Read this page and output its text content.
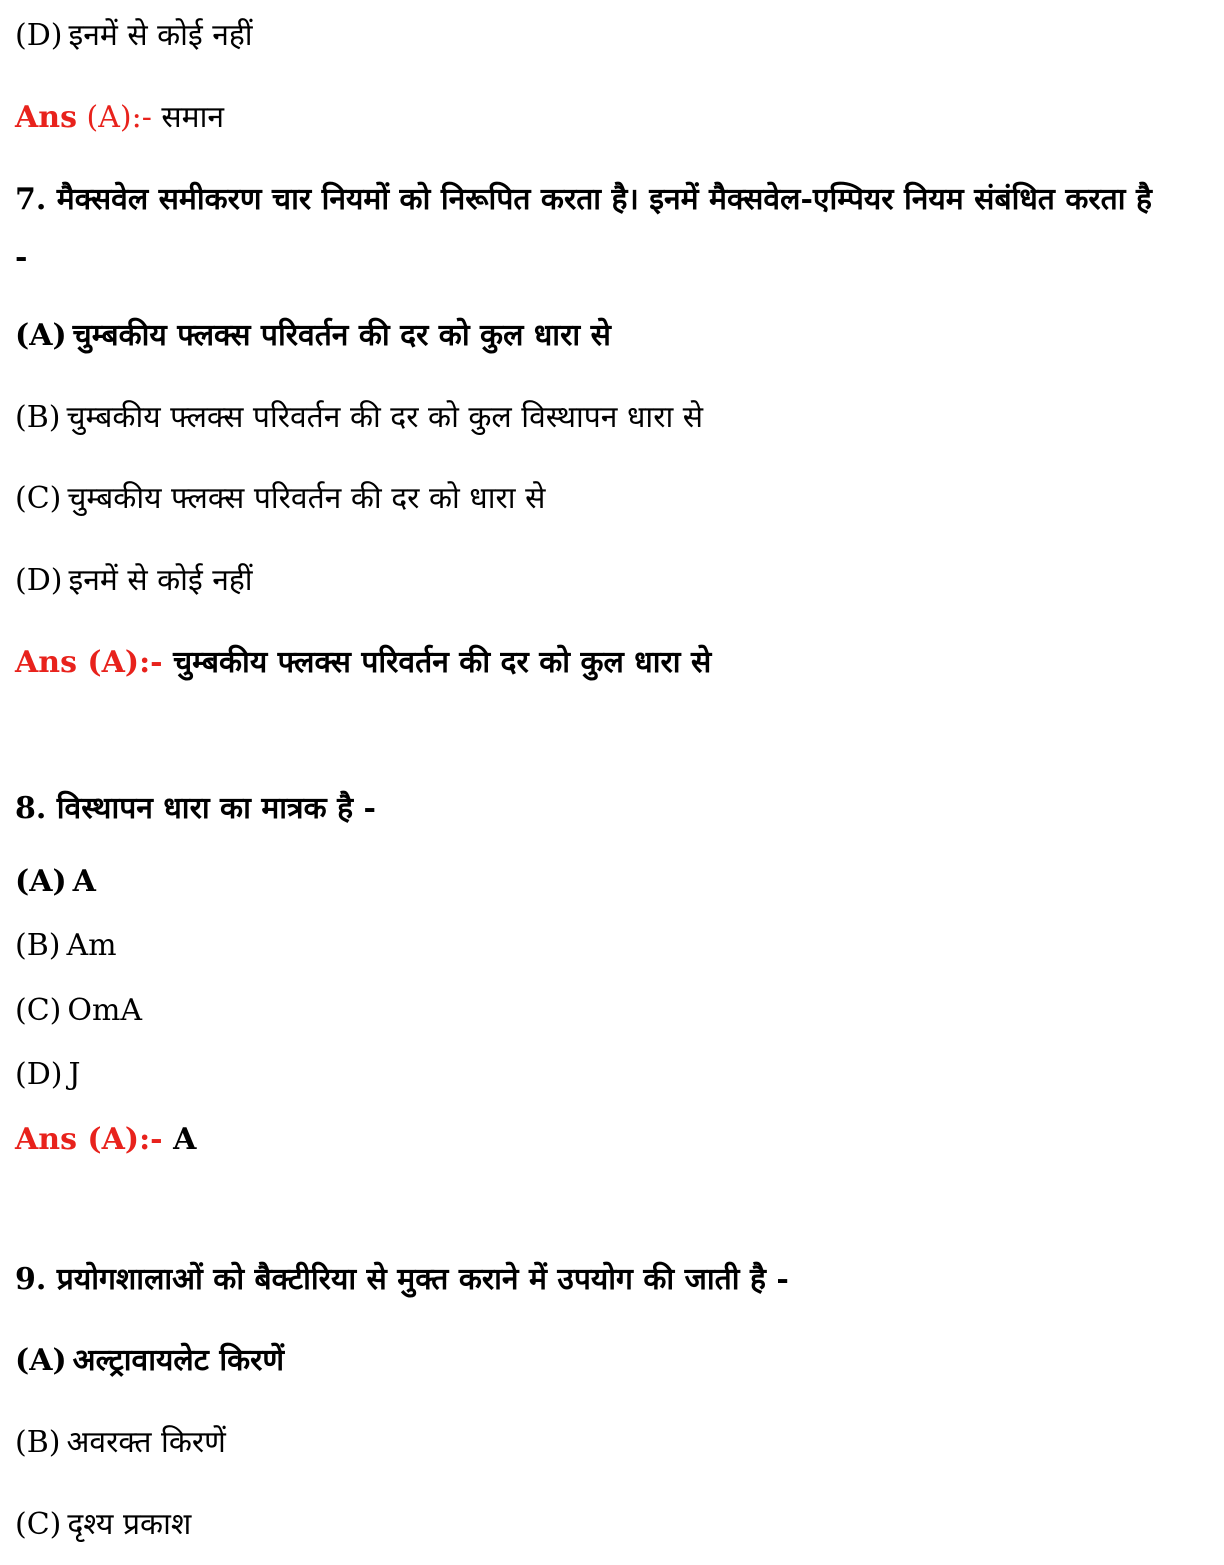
(D) इनमें से कोई नहीं
Ans (A):- समान
7. मैक्सवेल समीकरण चार नियमों को निरूपित करता है। इनमें मैक्सवेल-एम्पियर नियम संबंधित करता है -
(A) चुम्बकीय फ्लक्स परिवर्तन की दर को कुल धारा से
(B) चुम्बकीय फ्लक्स परिवर्तन की दर को कुल विस्थापन धारा से
(C) चुम्बकीय फ्लक्स परिवर्तन की दर को धारा से
(D) इनमें से कोई नहीं
Ans (A):- चुम्बकीय फ्लक्स परिवर्तन की दर को कुल धारा से
8. विस्थापन धारा का मात्रक है -
(A) A
(B) Am
(C) OmA
(D) J
Ans (A):- A
9. प्रयोगशालाओं को बैक्टीरिया से मुक्त कराने में उपयोग की जाती है -
(A) अल्ट्रावायलेट किरणें
(B) अवरक्त किरणें
(C) दृश्य प्रकाश
